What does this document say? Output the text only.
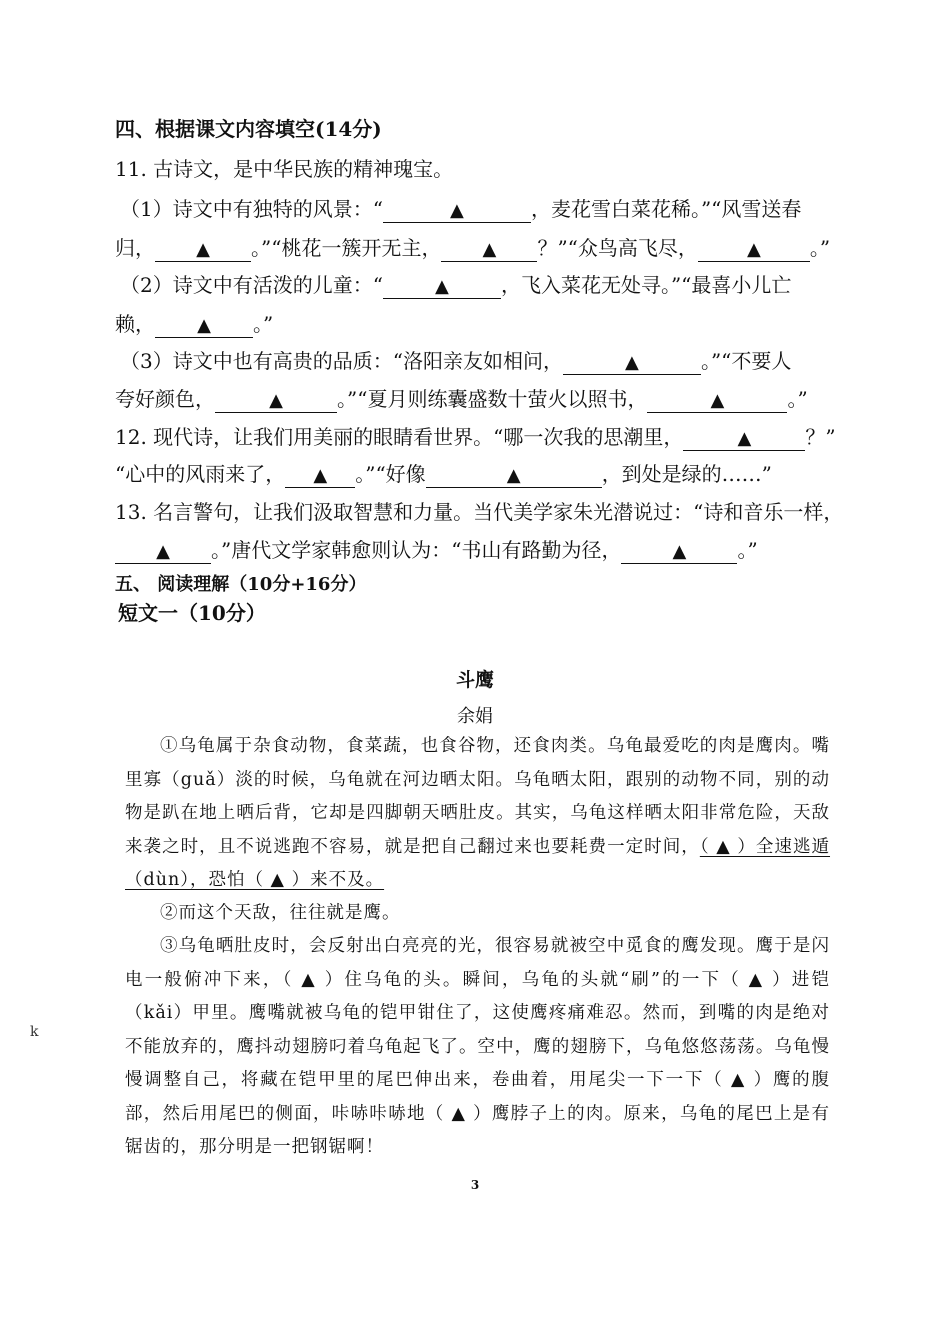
四、根据课文内容填空(14分)
11. 古诗文，是中华民族的精神瑰宝。
（1）诗文中有独特的风景：“	▲	，麦花雪白菜花稀。”“风雪送春
归， ▲ 。”“桃花一簇开无主， ▲ ？”“众鸟高飞尽，	▲ 。”
（2）诗文中有活泼的儿童：“	▲	，飞入菜花无处寻。”“最喜小儿亡
赖， ▲ 。”
（3）诗文中也有高贵的品质：“洛阳亲友如相问，	▲	。”“不要人
夸好颜色，	▲	。”“夏月则练囊盛数十萤火以照书，	▲	。”
12. 现代诗，让我们用美丽的眼睛看世界。“哪一次我的思潮里，	▲	？”
“心中的风雨来了， ▲ 。”“好像	▲	，到处是绿的……”
13. 名言警句，让我们汲取智慧和力量。当代美学家朱光潜说过：“诗和音乐一样，
▲ 。”唐代文学家韩愈则认为：“书山有路勤为径，	▲	。”
五、 阅读理解（10分+16分）
短文一（10分）
斗鹰
余娟
①乌龟属于杂食动物，食菜蔬，也食谷物，还食肉类。乌龟最爱吃的肉是鹰肉。嘴里寡（guǎ）淡的时候，乌龟就在河边晒太阳。乌龟晒太阳，跟别的动物不同，别的动物是趴在地上晒后背，它却是四脚朝天晒肚皮。其实，乌龟这样晒太阳非常危险，天敌来袭之时，且不说逃跑不容易，就是把自己翻过来也要耗费一定时间，（ ▲ ）全速逃遁（dùn），恐怕（ ▲ ）来不及。
②而这个天敌，往往就是鹰。
③乌龟晒肚皮时，会反射出白亮亮的光，很容易就被空中觅食的鹰发现。鹰于是闪电一般俯冲下来，（ ▲ ）住乌龟的头。瞬间，乌龟的头就“刷”的一下（ ▲ ）进铠（kǎi）甲里。鹰嘴就被乌龟的铠甲钳住了，这使鹰疼痛难忍。然而，到嘴的肉是绝对不能放弃的，鹰抖动翅膀叼着乌龟起飞了。空中，鹰的翅膀下，乌龟悠悠荡荡。乌龟慢慢调整自己，将藏在铠甲里的尾巴伸出来，卷曲着，用尾尖一下一下（ ▲ ）鹰的腹部，然后用尾巴的侧面，咔哧咔哧地（ ▲ ）鹰脖子上的肉。原来，乌龟的尾巴上是有锯齿的，那分明是一把钢锯啊！
k
3
